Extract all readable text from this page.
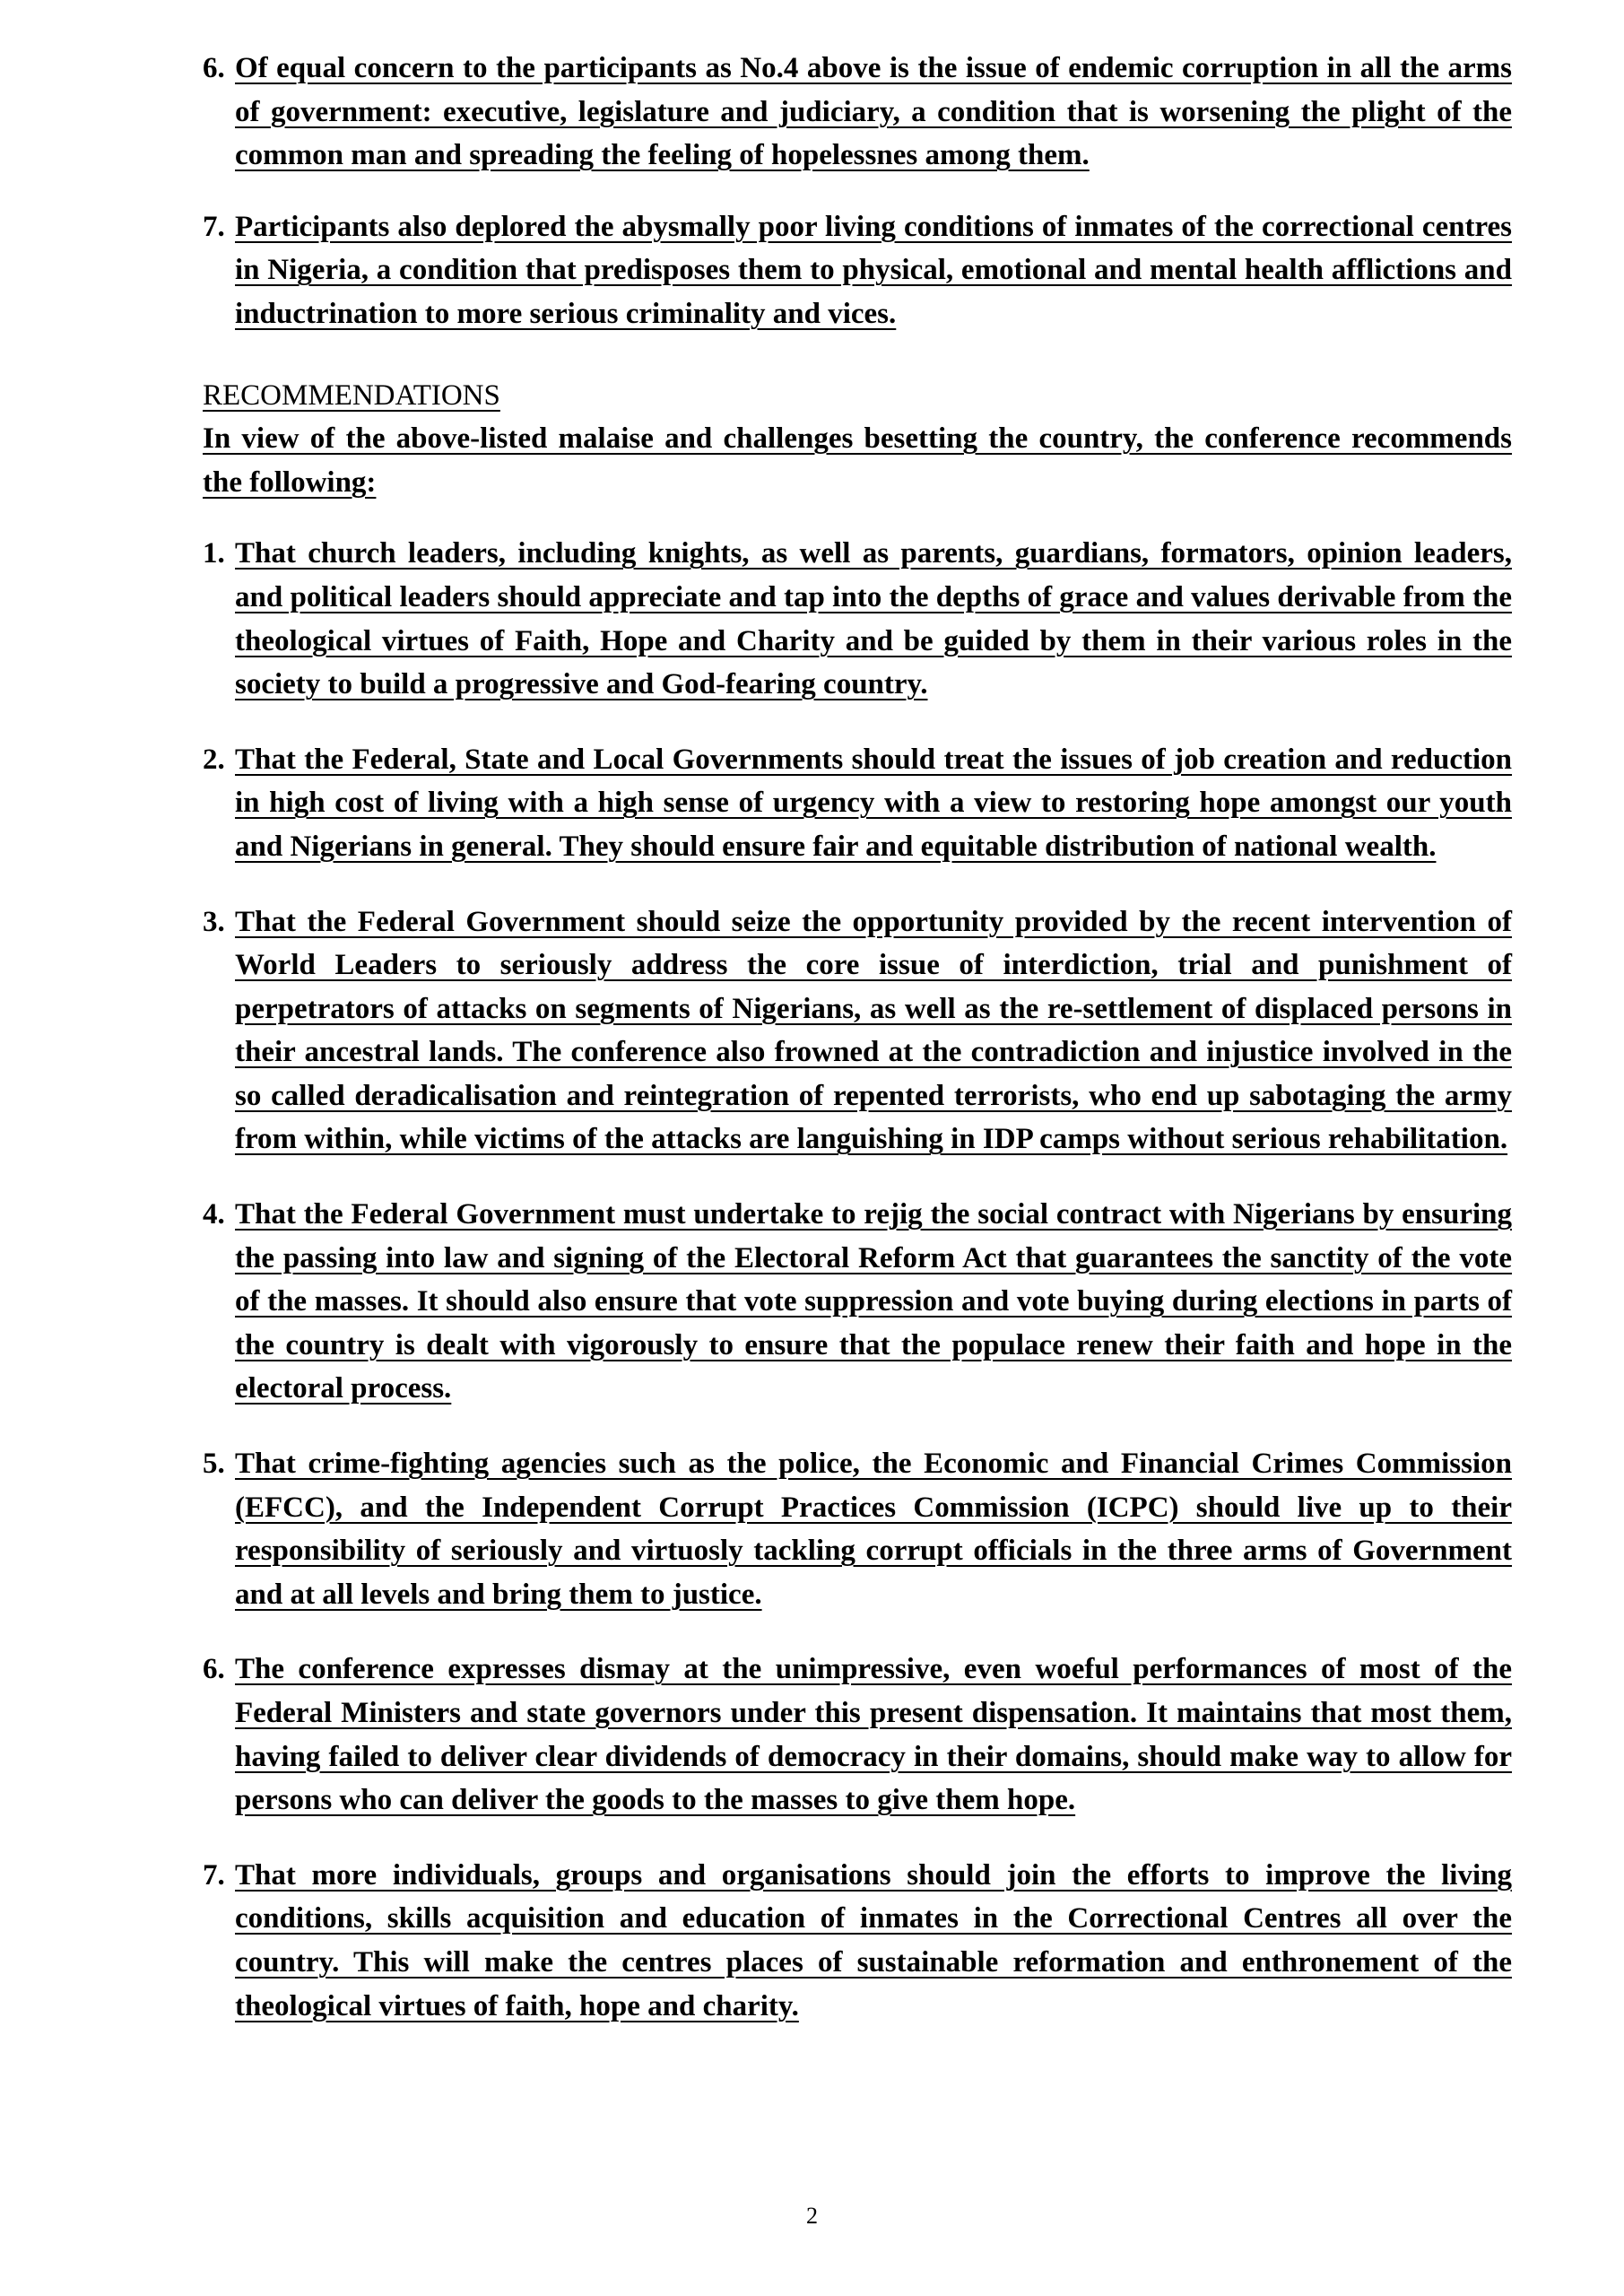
6. Of equal concern to the participants as No.4 above is the issue of endemic corruption in all the arms of government: executive, legislature and judiciary, a condition that is worsening the plight of the common man and spreading the feeling of hopelessnes among them.
7. Participants also deplored the abysmally poor living conditions of inmates of the correctional centres in Nigeria, a condition that predisposes them to physical, emotional and mental health afflictions and inductrination to more serious criminality and vices.
RECOMMENDATIONS
In view of the above-listed malaise and challenges besetting the country, the conference recommends the following:
1. That church leaders, including knights, as well as parents, guardians, formators, opinion leaders, and political leaders should appreciate and tap into the depths of grace and values derivable from the theological virtues of Faith, Hope and Charity and be guided by them in their various roles in the society to build a progressive and God-fearing country.
2. That the Federal, State and Local Governments should treat the issues of job creation and reduction in high cost of living with a high sense of urgency with a view to restoring hope amongst our youth and Nigerians in general. They should ensure fair and equitable distribution of national wealth.
3. That the Federal Government should seize the opportunity provided by the recent intervention of World Leaders to seriously address the core issue of interdiction, trial and punishment of perpetrators of attacks on segments of Nigerians, as well as the re-settlement of displaced persons in their ancestral lands. The conference also frowned at the contradiction and injustice involved in the so called deradicalisation and reintegration of repented terrorists, who end up sabotaging the army from within, while victims of the attacks are languishing in IDP camps without serious rehabilitation.
4. That the Federal Government must undertake to rejig the social contract with Nigerians by ensuring the passing into law and signing of the Electoral Reform Act that guarantees the sanctity of the vote of the masses. It should also ensure that vote suppression and vote buying during elections in parts of the country is dealt with vigorously to ensure that the populace renew their faith and hope in the electoral process.
5. That crime-fighting agencies such as the police, the Economic and Financial Crimes Commission (EFCC), and the Independent Corrupt Practices Commission (ICPC) should live up to their responsibility of seriously and virtuosly tackling corrupt officials in the three arms of Government and at all levels and bring them to justice.
6. The conference expresses dismay at the unimpressive, even woeful performances of most of the Federal Ministers and state governors under this present dispensation. It maintains that most them, having failed to deliver clear dividends of democracy in their domains, should make way to allow for persons who can deliver the goods to the masses to give them hope.
7. That more individuals, groups and organisations should join the efforts to improve the living conditions, skills acquisition and education of inmates in the Correctional Centres all over the country. This will make the centres places of sustainable reformation and enthronement of the theological virtues of faith, hope and charity.
2
